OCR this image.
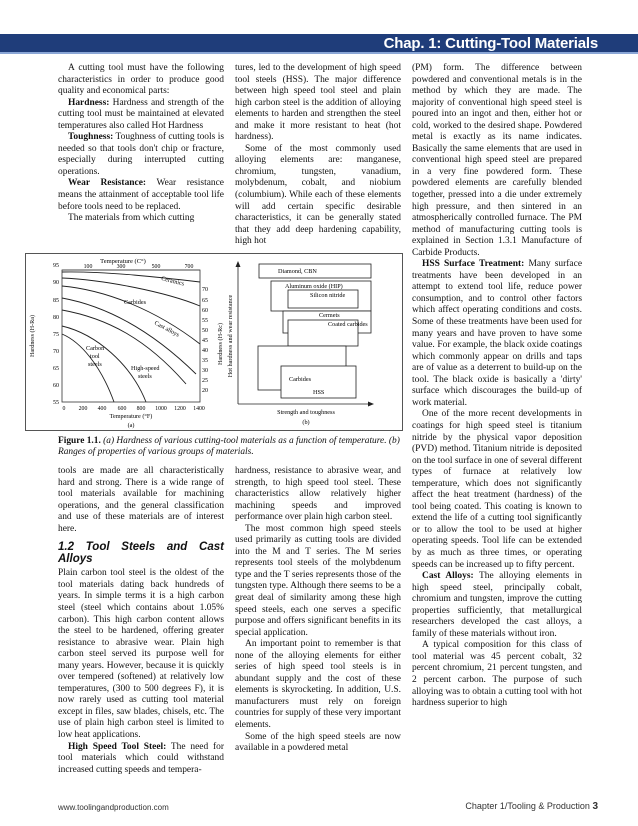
Chap. 1: Cutting-Tool Materials

A cutting tool must have the following characteristics in order to produce good quality and economical parts:

Hardness: Hardness and strength of the cutting tool must be maintained at elevated temperatures also called Hot Hardness

Toughness: Toughness of cutting tools is needed so that tools don't chip or fracture, especially during interrupted cutting operations.

Wear Resistance: Wear resistance means the attainment of acceptable tool life before tools need to be replaced.

The materials from which cutting

tures, led to the development of high speed tool steels (HSS). The major difference between high speed tool steel and plain high carbon steel is the addition of alloying elements to harden and strengthen the steel and make it more resistant to heat (hot hardness).

Some of the most commonly used alloying elements are: manganese, chromium, tungsten, vanadium, molybdenum, cobalt, and niobium (columbium). While each of these elements will add certain specific desirable characteristics, it can be generally stated that they add deep hardening capability, high hot

(PM) form. The difference between powdered and conventional metals is in the method by which they are made. The majority of conventional high speed steel is poured into an ingot and then, either hot or cold, worked to the desired shape. Powdered metal is exactly as its name indicates. Basically the same elements that are used in conventional high speed steel are prepared in a very fine powdered form. These powdered elements are carefully blended together, pressed into a die under extremely high pressure, and then sintered in an atmospherically controlled furnace. The PM method of manufacturing cutting tools is explained in Section 1.3.1 Manufacture of Carbide Products.

HSS Surface Treatment: Many surface treatments have been developed in an attempt to extend tool life, reduce power consumption, and to control other factors which affect operating conditions and costs. Some of these treatments have been used for many years and have proven to have some value. For example, the black oxide coatings which commonly appear on drills and taps are of value as a deterrent to build-up on the tool. The black oxide is basically a 'dirty' surface which discourages the build-up of work material.

One of the more recent developments in coatings for high speed steel is titanium nitride by the physical vapor deposition (PVD) method. Titanium nitride is deposited on the tool surface in one of several different types of furnace at relatively low temperature, which does not significantly affect the heat treatment (hardness) of the tool being coated. This coating is known to extend the life of a cutting tool significantly or to allow the tool to be used at higher operating speeds. Tool life can be extended by as much as three times, or operating speeds can be increased up to fifty percent.

Cast Alloys: The alloying elements in high speed steel, principally cobalt, chromium and tungsten, improve the cutting properties sufficiently, that metallurgical researchers developed the cast alloys, a family of these materials without iron.

A typical composition for this class of tool material was 45 percent cobalt, 32 percent chromium, 21 percent tungsten, and 2 percent carbon. The purpose of such alloying was to obtain a cutting tool with hot hardness superior to high

Temperature (C°)
100	300	500	700
95
90
85
80
75
70
65
60
55
Hardness (H-Ra)
70
65
60
55
50
45
40
35
30
25
20
Hardness (H-Rc)
0 200 400 600 800 1000 1200 1400
Temperature (°F)
(a)
Ceramics
Carbides
Cast alloys
Carbon
tool
steels
High-speed
steels	Hot hardness and wear resistance
Strength and toughness
(b)
Diamond, CBN
Aluminum oxide (HIP)
Silicon nitride
Cermets
Coated carbides
Carbides
HSS
Figure 1.1. (a) Hardness of various cutting-tool materials as a function of temperature. (b) Ranges of properties of various groups of materials.

tools are made are all characteristically hard and strong. There is a wide range of tool materials available for machining operations, and the general classification and use of these materials are of interest here.

1.2 Tool Steels and Cast Alloys

Plain carbon tool steel is the oldest of the tool materials dating back hundreds of years. In simple terms it is a high carbon steel (steel which contains about 1.05% carbon). This high carbon content allows the steel to be hardened, offering greater resistance to abrasive wear. Plain high carbon steel served its purpose well for many years. However, because it is quickly over tempered (softened) at relatively low temperatures, (300 to 500 degrees F), it is now rarely used as cutting tool material except in files, saw blades, chisels, etc. The use of plain high carbon steel is limited to low heat applications.

High Speed Tool Steel: The need for tool materials which could withstand increased cutting speeds and tempera-

hardness, resistance to abrasive wear, and strength, to high speed tool steel. These characteristics allow relatively higher machining speeds and improved performance over plain high carbon steel.

The most common high speed steels used primarily as cutting tools are divided into the M and T series. The M series represents tool steels of the molybdenum type and the T series represents those of the tungsten type. Although there seems to be a great deal of similarity among these high speed steels, each one serves a specific purpose and offers significant benefits in its special application.

An important point to remember is that none of the alloying elements for either series of high speed tool steels is in abundant supply and the cost of these elements is skyrocketing. In addition, U.S. manufacturers must rely on foreign countries for supply of these very important elements.

Some of the high speed steels are now available in a powdered metal

www.toolingandproduction.com	Chapter 1/Tooling & Production 3
